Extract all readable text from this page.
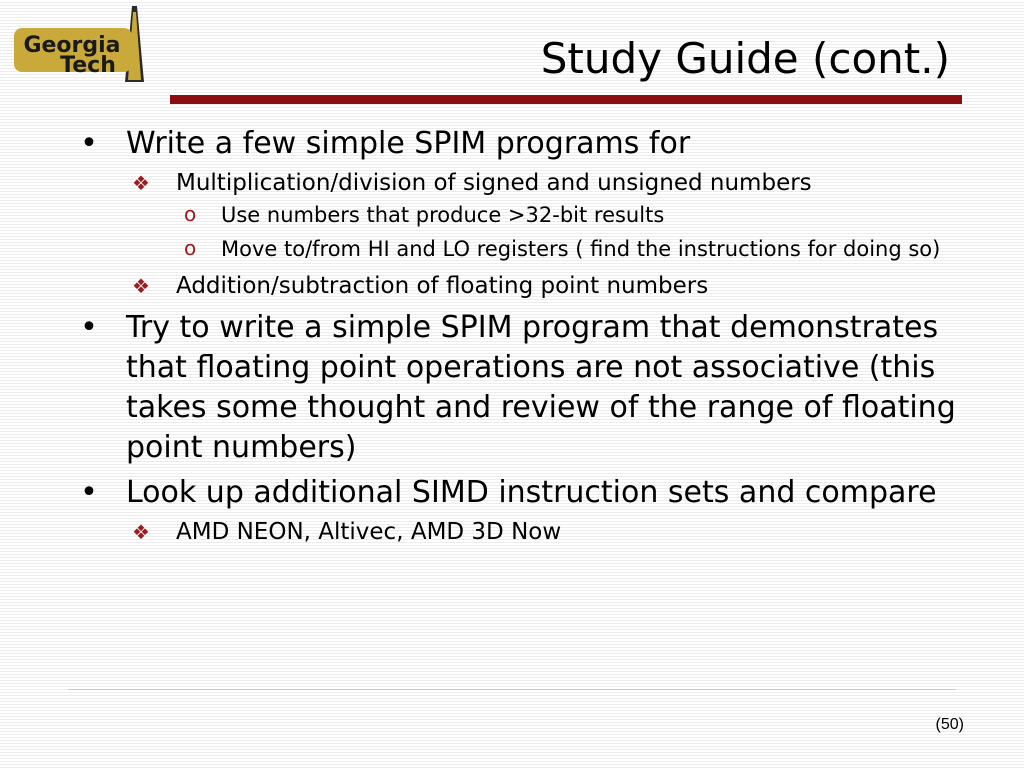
Georgia
Tech	Study Guide (cont.)
• Write a few simple SPIM programs for
❖ Multiplication/division of signed and unsigned numbers
o Use numbers that produce >32-bit results
o Move to/from HI and LO registers ( find the instructions for doing so)
❖ Addition/subtraction of floating point numbers
• Try to write a simple SPIM program that demonstrates that floating point operations are not associative (this takes some thought and review of the range of floating point numbers)
• Look up additional SIMD instruction sets and compare
❖ AMD NEON, Altivec, AMD 3D Now
(50)
